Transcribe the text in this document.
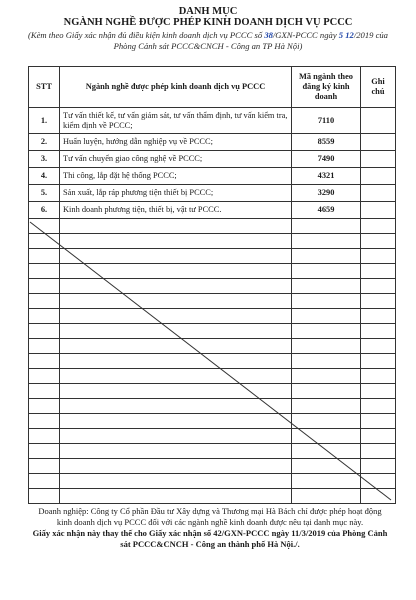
DANH MỤC
NGÀNH NGHỀ ĐƯỢC PHÉP KINH DOANH DỊCH VỤ PCCC
(Kèm theo Giấy xác nhận đủ điều kiện kinh doanh dịch vụ PCCC số 38/GXN-PCCC ngày 5 12/2019 của Phòng Cảnh sát PCCC&CNCH - Công an TP Hà Nội)
STT	Ngành nghề được phép kinh doanh dịch vụ PCCC	Mã ngành theo đăng ký kinh doanh	Ghi chú
1.	Tư vấn thiết kế, tư vấn giám sát, tư vấn thẩm định, tư vấn kiểm tra, kiểm định về PCCC;	7110	
2.	Huấn luyện, hướng dẫn nghiệp vụ về PCCC;	8559	
3.	Tư vấn chuyển giao công nghệ về PCCC;	7490	
4.	Thi công, lắp đặt hệ thống PCCC;	4321	
5.	Sản xuất, lắp ráp phương tiện thiết bị PCCC;	3290	
6.	Kinh doanh phương tiện, thiết bị, vật tư PCCC.	4659	

Doanh nghiệp: Công ty Cổ phần Đầu tư Xây dựng và Thương mại Hà Bách chỉ được phép hoạt động kinh doanh dịch vụ PCCC đối với các ngành nghề kinh doanh được nêu tại danh mục này.
Giấy xác nhận này thay thế cho Giấy xác nhận số 42/GXN-PCCC ngày 11/3/2019 của Phòng Cảnh sát PCCC&CNCH - Công an thành phố Hà Nội./.
